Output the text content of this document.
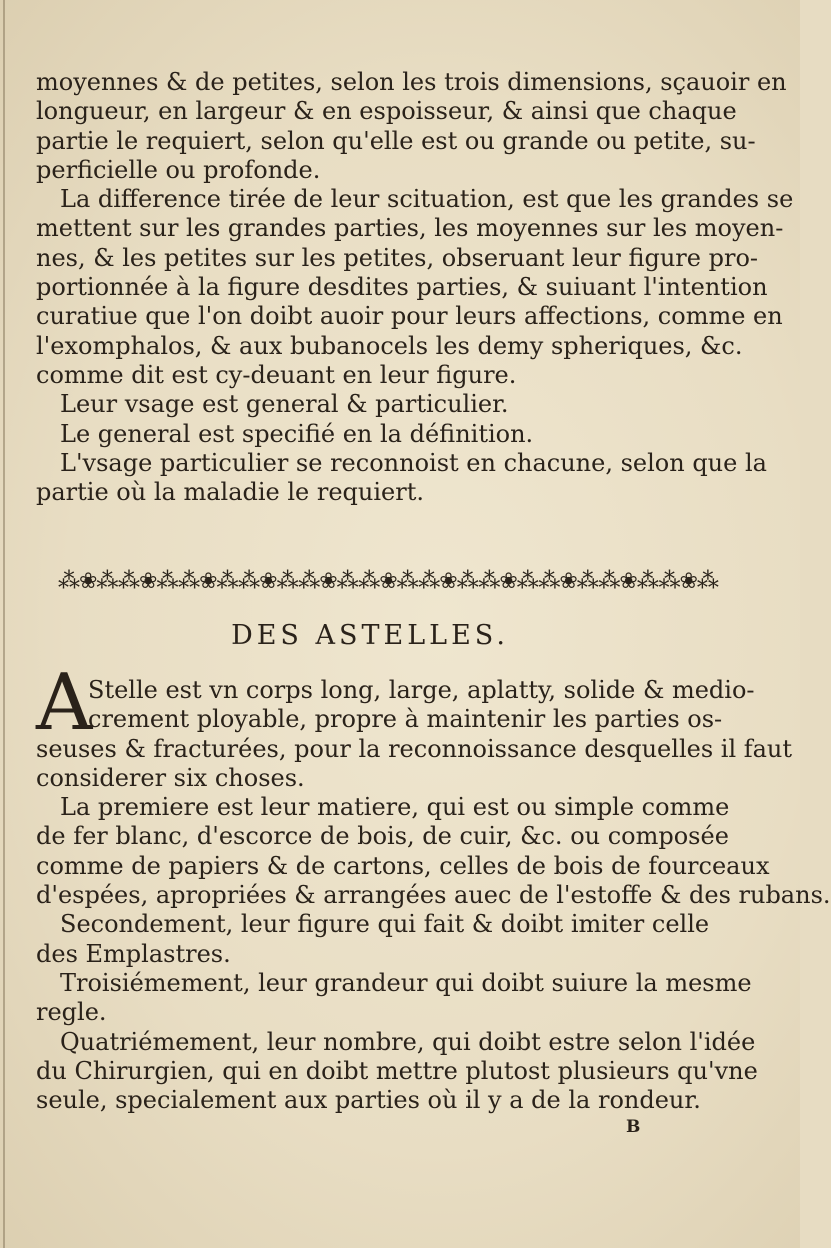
moyennes & de petites, selon les trois dimensions, sçauoir en
longueur, en largeur & en espoisseur, & ainsi que chaque
partie le requiert, selon qu'elle est ou grande ou petite, su-
perficielle ou profonde.
La difference tirée de leur scituation, est que les grandes se
mettent sur les grandes parties, les moyennes sur les moyen-
nes, & les petites sur les petites, obseruant leur figure pro-
portionnée à la figure desdites parties, & suiuant l'intention
curatiue que l'on doibt auoir pour leurs affections, comme en
l'exomphalos, & aux bubanocels les demy spheriques, &c.
comme dit est cy-deuant en leur figure.
Leur vsage est general & particulier.
Le general est specifié en la définition.
L'vsage particulier se reconnoist en chacune, selon que la
partie où la maladie le requiert.
⁂❀⁂ ⁂❀⁂ ⁂❀⁂ ⁂❀⁂ ⁂❀⁂ ⁂❀⁂ ⁂❀⁂ ⁂❀⁂ ⁂❀⁂ ⁂❀⁂ ⁂❀⁂
DES ASTELLES.
A
Stelle est vn corps long, large, aplatty, solide & medio-
crement ployable, propre à maintenir les parties os-
seuses & fracturées, pour la reconnoissance desquelles il faut
considerer six choses.
La premiere est leur matiere, qui est ou simple comme
de fer blanc, d'escorce de bois, de cuir, &c. ou composée
comme de papiers & de cartons, celles de bois de fourceaux
d'espées, apropriées & arrangées auec de l'estoffe & des rubans.
Secondement, leur figure qui fait & doibt imiter celle
des Emplastres.
Troisiémement, leur grandeur qui doibt suiure la mesme
regle.
Quatriémement, leur nombre, qui doibt estre selon l'idée
du Chirurgien, qui en doibt mettre plutost plusieurs qu'vne
seule, specialement aux parties où il y a de la rondeur.
B
